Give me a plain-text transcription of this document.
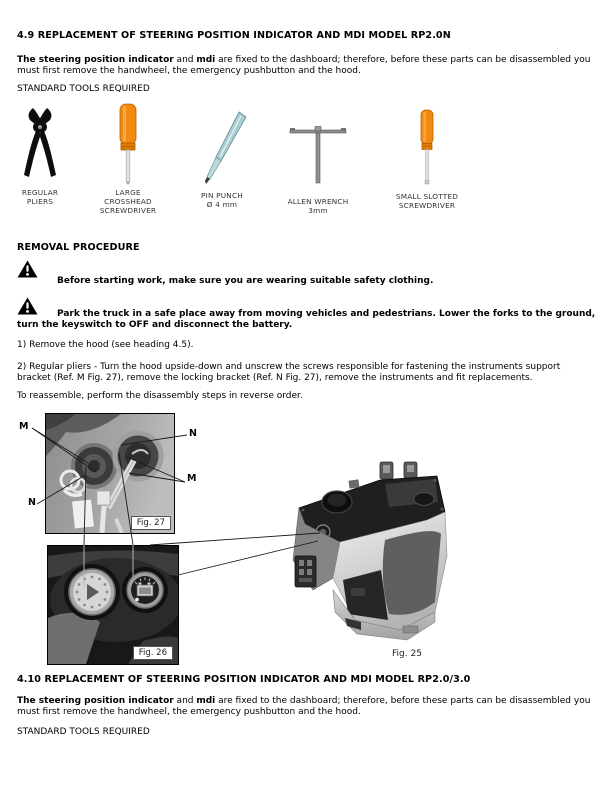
4.9 REPLACEMENT OF STEERING POSITION INDICATOR AND MDI MODEL RP2.0N
The steering position indicator and mdi are fixed to the dashboard; therefore, before these parts can be disassembled you
must first remove the handwheel, the emergency pushbutton and the hood.
STANDARD TOOLS REQUIRED
REGULAR
PLIERS
LARGE
CROSSHEAD
SCREWDRIVER
PIN PUNCH
Ø 4 mm	ALLEN WRENCH
3mm
SMALL SLOTTED
SCREWDRIVER
REMOVAL PROCEDURE
Before starting work, make sure you are wearing suitable safety clothing.
Park the truck in a safe place away from moving vehicles and pedestrians. Lower the forks to the ground,
turn the keyswitch to OFF and disconnect the battery.
1) Remove the hood (see heading 4.5).
2) Regular pliers - Turn the hood upside-down and unscrew the screws responsible for fastening the instruments support
bracket (Ref. M Fig. 27), remove the locking bracket (Ref. N Fig. 27), remove the instruments and fit replacements.
To reassemble, perform the disassembly steps in reverse order.
Fig. 27
Fig. 26	Fig. 25
M
N
M
N
4.10 REPLACEMENT OF STEERING POSITION INDICATOR AND MDI MODEL RP2.0/3.0
The steering position indicator and mdi are fixed to the dashboard; therefore, before these parts can be disassembled you
must first remove the handwheel, the emergency pushbutton and the hood.
STANDARD TOOLS REQUIRED
